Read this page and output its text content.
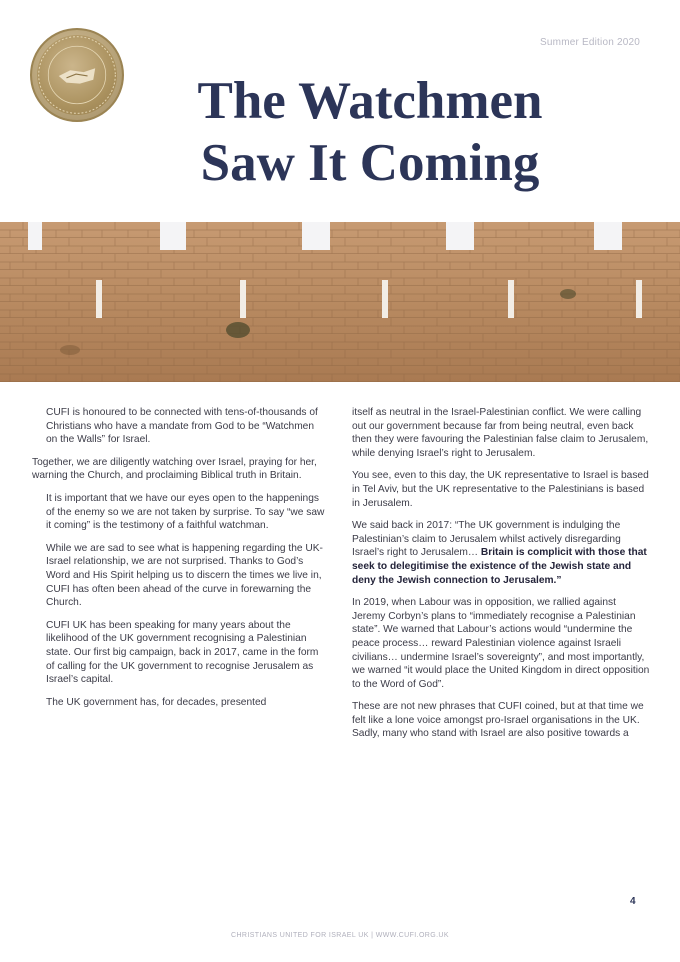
Summer Edition 2020
The Watchmen
Saw It Coming

CUFI is honoured to be connected with tens-of-thousands of Christians who have a mandate from God to be “Watchmen on the Walls” for Israel.

Together, we are diligently watching over Israel, praying for her, warning the Church, and proclaiming Biblical truth in Britain.

It is important that we have our eyes open to the happenings of the enemy so we are not taken by surprise. To say “we saw it coming” is the testimony of a faithful watchman.

While we are sad to see what is happening regarding the UK-Israel relationship, we are not surprised. Thanks to God’s Word and His Spirit helping us to discern the times we live in, CUFI has often been ahead of the curve in forewarning the Church.

CUFI UK has been speaking for many years about the likelihood of the UK government recognising a Palestinian state. Our first big campaign, back in 2017, came in the form of calling for the UK government to recognise Jerusalem as Israel’s capital.

The UK government has, for decades, presented

itself as neutral in the Israel-Palestinian conflict. We were calling out our government because far from being neutral, even back then they were favouring the Palestinian false claim to Jerusalem, while denying Israel’s right to Jerusalem.

You see, even to this day, the UK representative to Israel is based in Tel Aviv, but the UK representative to the Palestinians is based in Jerusalem.

We said back in 2017: “The UK government is indulging the Palestinian’s claim to Jerusalem whilst actively disregarding Israel’s right to Jerusalem… Britain is complicit with those that seek to delegitimise the existence of the Jewish state and deny the Jewish connection to Jerusalem.”

In 2019, when Labour was in opposition, we rallied against Jeremy Corbyn’s plans to “immediately recognise a Palestinian state”. We warned that Labour’s actions would “undermine the peace process… reward Palestinian violence against Israeli civilians… undermine Israel’s sovereignty”, and most importantly, we warned “it would place the United Kingdom in direct opposition to the Word of God”.

These are not new phrases that CUFI coined, but at that time we felt like a lone voice amongst pro-Israel organisations in the UK. Sadly, many who stand with Israel are also positive towards a

4
CHRISTIANS UNITED FOR ISRAEL UK | WWW.CUFI.ORG.UK
